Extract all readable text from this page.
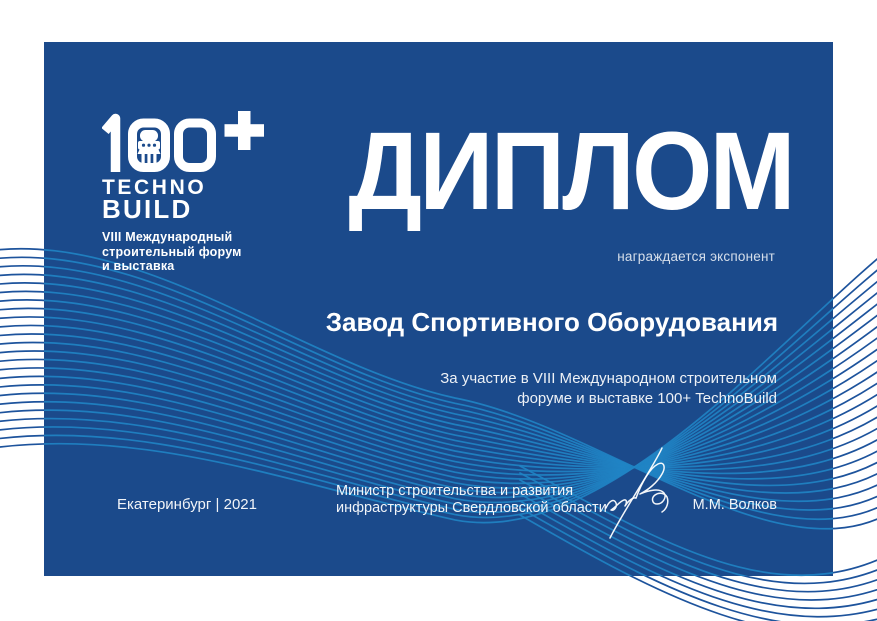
TECHNO
BUILD
VIII Международный
строительный форум
и выставка
ДИПЛОМ
награждается экспонент
Завод Спортивного Оборудования
За участие в VIII Международном строительном
форуме и выставке 100+ TechnoBuild
Екатеринбург | 2021
Министр строительства и развития
инфраструктуры Свердловской области	М.М. Волков
